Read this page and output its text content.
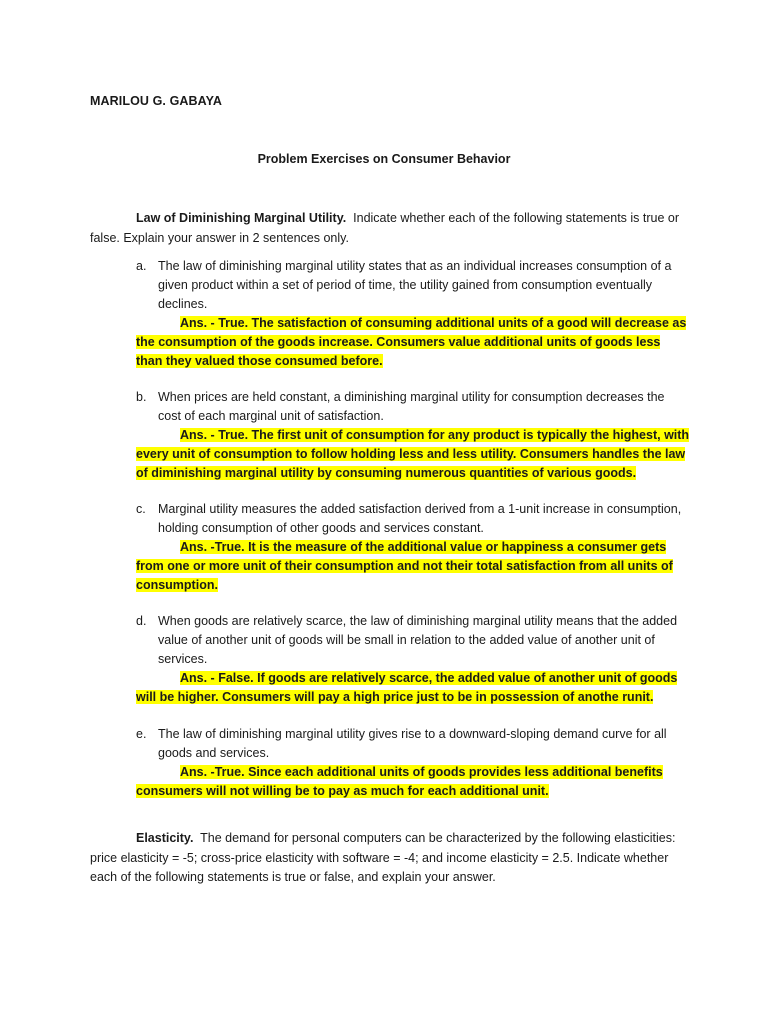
MARILOU G. GABAYA
Problem Exercises on Consumer Behavior
Law of Diminishing Marginal Utility. Indicate whether each of the following statements is true or false. Explain your answer in 2 sentences only.
a. The law of diminishing marginal utility states that as an individual increases consumption of a given product within a set of period of time, the utility gained from consumption eventually declines.
Ans. - True. The satisfaction of consuming additional units of a good will decrease as the consumption of the goods increase. Consumers value additional units of goods less than they valued those consumed before.
b. When prices are held constant, a diminishing marginal utility for consumption decreases the cost of each marginal unit of satisfaction.
Ans. - True. The first unit of consumption for any product is typically the highest, with every unit of consumption to follow holding less and less utility. Consumers handles the law of diminishing marginal utility by consuming numerous quantities of various goods.
c. Marginal utility measures the added satisfaction derived from a 1-unit increase in consumption, holding consumption of other goods and services constant.
Ans. -True. It is the measure of the additional value or happiness a consumer gets from one or more unit of their consumption and not their total satisfaction from all units of consumption.
d. When goods are relatively scarce, the law of diminishing marginal utility means that the added value of another unit of goods will be small in relation to the added value of another unit of services.
Ans. - False. If goods are relatively scarce, the added value of another unit of goods will be higher. Consumers will pay a high price just to be in possession of anothe runit.
e. The law of diminishing marginal utility gives rise to a downward-sloping demand curve for all goods and services.
Ans. -True. Since each additional units of goods provides less additional benefits consumers will not willing be to pay as much for each additional unit.
Elasticity. The demand for personal computers can be characterized by the following elasticities: price elasticity = -5; cross-price elasticity with software = -4; and income elasticity = 2.5. Indicate whether each of the following statements is true or false, and explain your answer.
